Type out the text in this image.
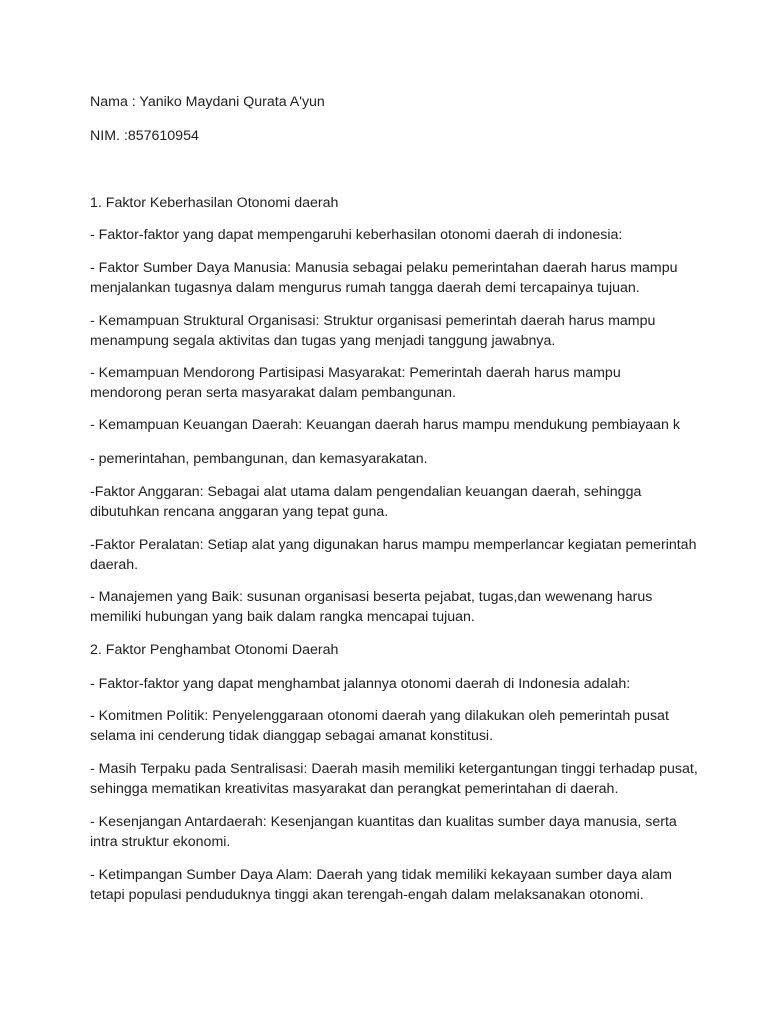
Nama : Yaniko Maydani Qurata A'yun
NIM. :857610954
1. Faktor Keberhasilan Otonomi daerah
- Faktor-faktor yang dapat mempengaruhi keberhasilan otonomi daerah di indonesia:
- Faktor Sumber Daya Manusia: Manusia sebagai pelaku pemerintahan daerah harus mampu
menjalankan tugasnya dalam mengurus rumah tangga daerah demi tercapainya tujuan.
- Kemampuan Struktural Organisasi: Struktur organisasi pemerintah daerah harus mampu
menampung segala aktivitas dan tugas yang menjadi tanggung jawabnya.
- Kemampuan Mendorong Partisipasi Masyarakat: Pemerintah daerah harus mampu
mendorong peran serta masyarakat dalam pembangunan.
- Kemampuan Keuangan Daerah: Keuangan daerah harus mampu mendukung pembiayaan k
- pemerintahan, pembangunan, dan kemasyarakatan.
-Faktor Anggaran: Sebagai alat utama dalam pengendalian keuangan daerah, sehingga
dibutuhkan rencana anggaran yang tepat guna.
-Faktor Peralatan: Setiap alat yang digunakan harus mampu memperlancar kegiatan pemerintah
daerah.
- Manajemen yang Baik: susunan organisasi beserta pejabat, tugas,dan wewenang harus
memiliki hubungan yang baik dalam rangka mencapai tujuan.
2. Faktor Penghambat Otonomi Daerah
- Faktor-faktor yang dapat menghambat jalannya otonomi daerah di Indonesia adalah:
- Komitmen Politik: Penyelenggaraan otonomi daerah yang dilakukan oleh pemerintah pusat
selama ini cenderung tidak dianggap sebagai amanat konstitusi.
- Masih Terpaku pada Sentralisasi: Daerah masih memiliki ketergantungan tinggi terhadap pusat,
sehingga mematikan kreativitas masyarakat dan perangkat pemerintahan di daerah.
- Kesenjangan Antardaerah: Kesenjangan kuantitas dan kualitas sumber daya manusia, serta
intra struktur ekonomi.
- Ketimpangan Sumber Daya Alam: Daerah yang tidak memiliki kekayaan sumber daya alam
tetapi populasi penduduknya tinggi akan terengah-engah dalam melaksanakan otonomi.
